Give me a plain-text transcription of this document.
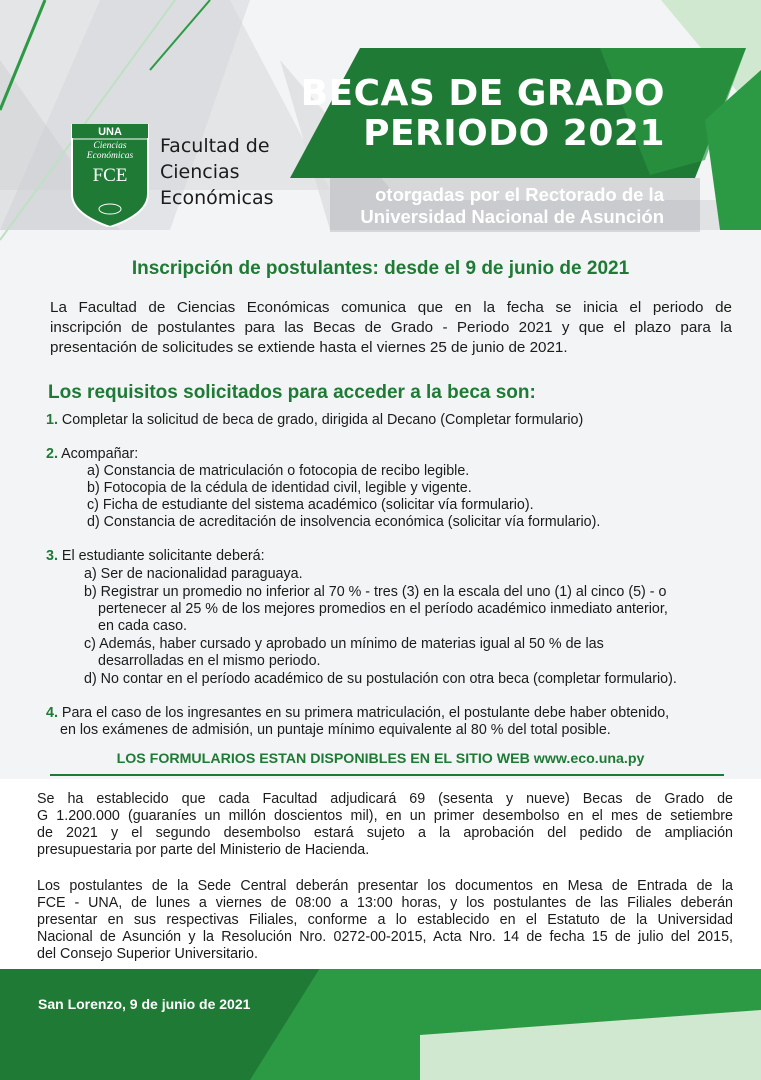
BECAS DE GRADO
PERIODO 2021
otorgadas por el Rectorado de la
Universidad Nacional de Asunción
UNA
Ciencias
Económicas
FCE
Facultad de
Ciencias
Económicas
Inscripción de postulantes: desde el 9 de junio de 2021
La Facultad de Ciencias Económicas comunica que en la fecha se inicia el periodo de
inscripción de postulantes para las Becas de Grado - Periodo 2021 y que el plazo para la
presentación de solicitudes se extiende hasta el viernes 25 de junio de 2021.
Los requisitos solicitados para acceder a la beca son:
1. Completar la solicitud de beca de grado, dirigida al Decano (Completar formulario)
2. Acompañar:
a) Constancia de matriculación o fotocopia de recibo legible.
b) Fotocopia de la cédula de identidad civil, legible y vigente.
c) Ficha de estudiante del sistema académico (solicitar vía formulario).
d) Constancia de acreditación de insolvencia económica (solicitar vía formulario).
3. El estudiante solicitante deberá:
a) Ser de nacionalidad paraguaya.
b) Registrar un promedio no inferior al 70 % - tres (3) en la escala del uno (1) al cinco (5) - o
pertenecer al 25 % de los mejores promedios en el período académico inmediato anterior,
en cada caso.
c) Además, haber cursado y aprobado un mínimo de materias igual al 50 % de las
desarrolladas en el mismo periodo.
d) No contar en el período académico de su postulación con otra beca (completar formulario).
4. Para el caso de los ingresantes en su primera matriculación, el postulante debe haber obtenido,
en los exámenes de admisión, un puntaje mínimo equivalente al 80 % del total posible.
LOS FORMULARIOS ESTAN DISPONIBLES EN EL SITIO WEB www.eco.una.py
Se ha establecido que cada Facultad adjudicará 69 (sesenta y nueve) Becas de Grado de
G 1.200.000 (guaraníes un millón doscientos mil), en un primer desembolso en el mes de setiembre
de 2021 y el segundo desembolso estará sujeto a la aprobación del pedido de ampliación
presupuestaria por parte del Ministerio de Hacienda.
Los postulantes de la Sede Central deberán presentar los documentos en Mesa de Entrada de la
FCE - UNA, de lunes a viernes de 08:00 a 13:00 horas, y los postulantes de las Filiales deberán
presentar en sus respectivas Filiales, conforme a lo establecido en el Estatuto de la Universidad
Nacional de Asunción y la Resolución Nro. 0272-00-2015, Acta Nro. 14 de fecha 15 de julio del 2015,
del Consejo Superior Universitario.
San Lorenzo, 9 de junio de 2021
